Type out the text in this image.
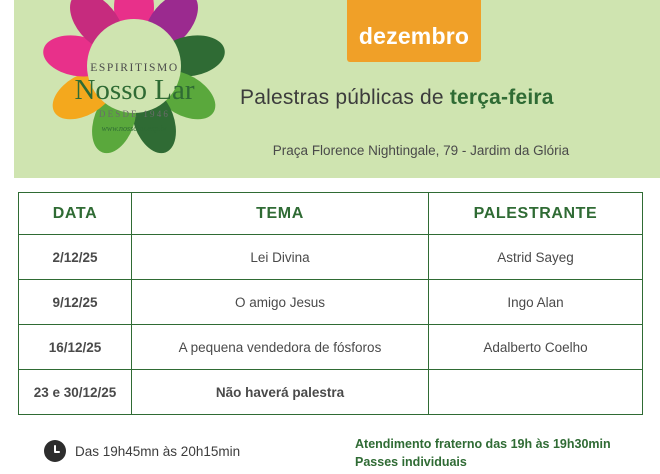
ESPIRITISMO
Nosso Lar
DESDE 1946
www.nossolar.esp.br
dezembro
Palestras públicas de terça-feira
Praça Florence Nightingale, 79 - Jardim da Glória
DATA	TEMA	PALESTRANTE
2/12/25	Lei Divina	Astrid Sayeg
9/12/25	O amigo Jesus	Ingo Alan
16/12/25	A pequena vendedora de fósforos	Adalberto Coelho
23 e 30/12/25	Não haverá palestra	
Das 19h45mn às 20h15min	Atendimento fraterno das 19h às 19h30min
Passes individuais
